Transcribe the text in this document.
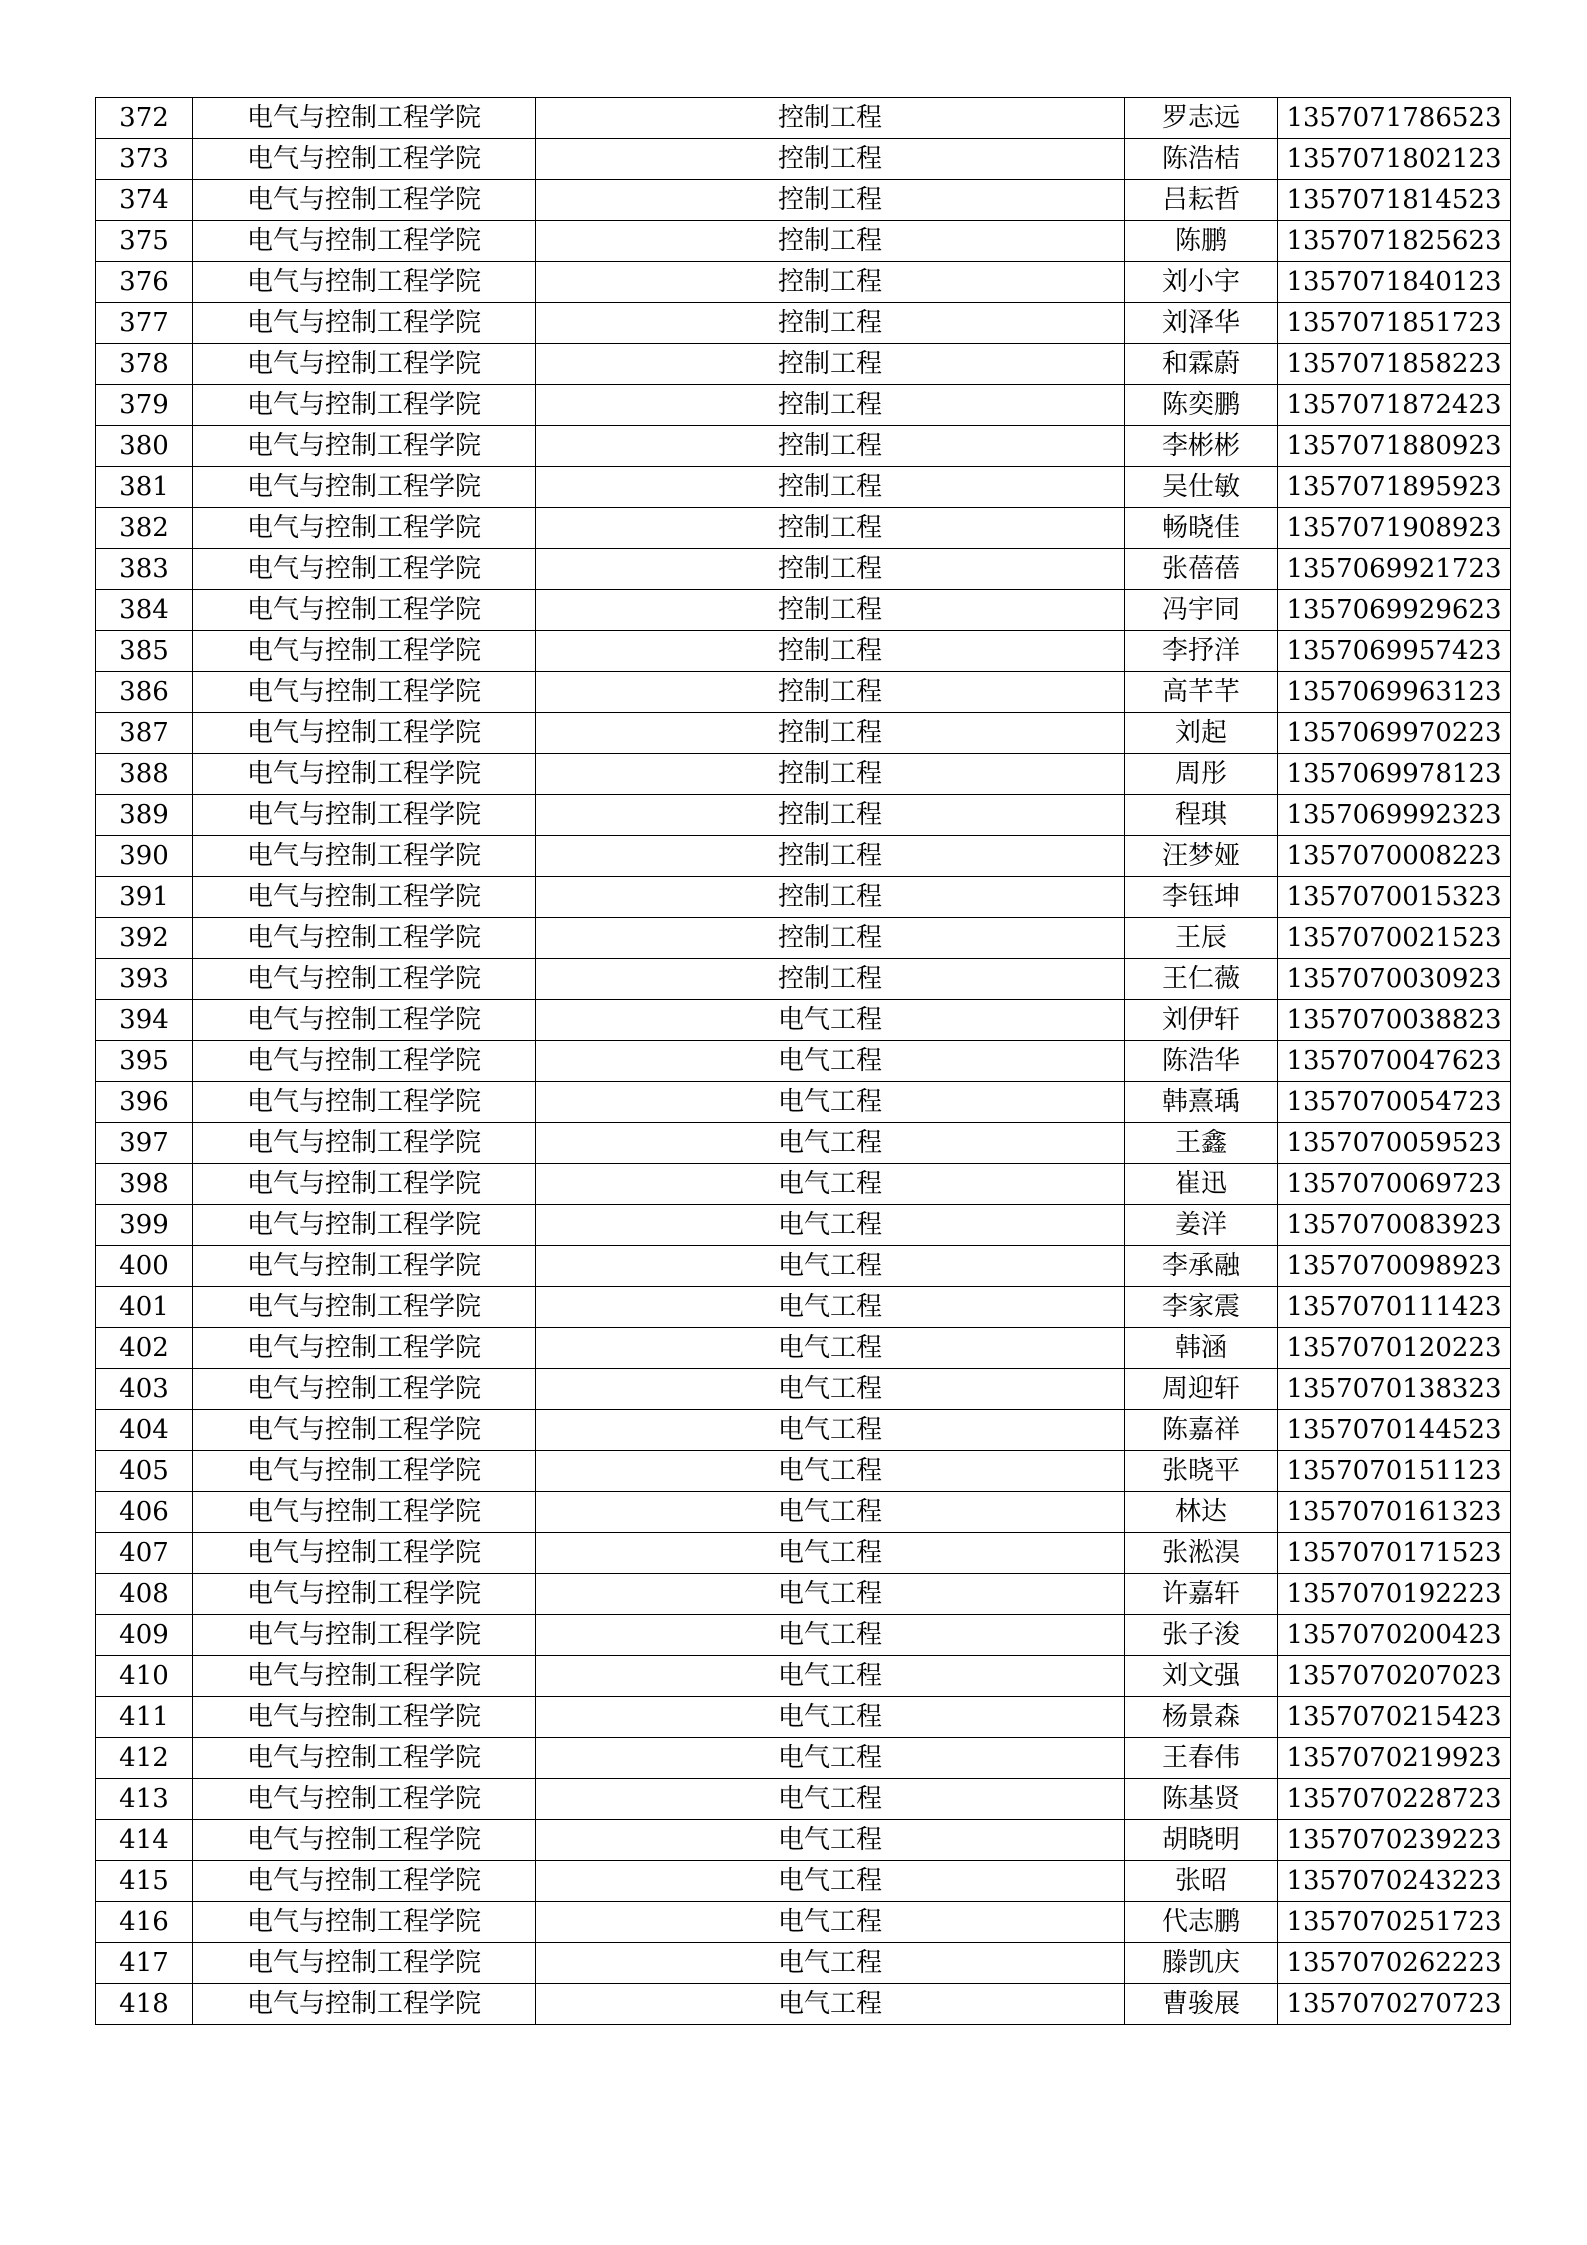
372	电气与控制工程学院	控制工程	罗志远	1357071786523
373	电气与控制工程学院	控制工程	陈浩桔	1357071802123
374	电气与控制工程学院	控制工程	吕耘哲	1357071814523
375	电气与控制工程学院	控制工程	陈鹏	1357071825623
376	电气与控制工程学院	控制工程	刘小宇	1357071840123
377	电气与控制工程学院	控制工程	刘泽华	1357071851723
378	电气与控制工程学院	控制工程	和霖蔚	1357071858223
379	电气与控制工程学院	控制工程	陈奕鹏	1357071872423
380	电气与控制工程学院	控制工程	李彬彬	1357071880923
381	电气与控制工程学院	控制工程	吴仕敏	1357071895923
382	电气与控制工程学院	控制工程	畅晓佳	1357071908923
383	电气与控制工程学院	控制工程	张蓓蓓	1357069921723
384	电气与控制工程学院	控制工程	冯宇同	1357069929623
385	电气与控制工程学院	控制工程	李抒洋	1357069957423
386	电气与控制工程学院	控制工程	高芊芊	1357069963123
387	电气与控制工程学院	控制工程	刘起	1357069970223
388	电气与控制工程学院	控制工程	周彤	1357069978123
389	电气与控制工程学院	控制工程	程琪	1357069992323
390	电气与控制工程学院	控制工程	汪梦娅	1357070008223
391	电气与控制工程学院	控制工程	李钰坤	1357070015323
392	电气与控制工程学院	控制工程	王辰	1357070021523
393	电气与控制工程学院	控制工程	王仁薇	1357070030923
394	电气与控制工程学院	电气工程	刘伊轩	1357070038823
395	电气与控制工程学院	电气工程	陈浩华	1357070047623
396	电气与控制工程学院	电气工程	韩熹瑀	1357070054723
397	电气与控制工程学院	电气工程	王鑫	1357070059523
398	电气与控制工程学院	电气工程	崔迅	1357070069723
399	电气与控制工程学院	电气工程	姜洋	1357070083923
400	电气与控制工程学院	电气工程	李承融	1357070098923
401	电气与控制工程学院	电气工程	李家震	1357070111423
402	电气与控制工程学院	电气工程	韩涵	1357070120223
403	电气与控制工程学院	电气工程	周迎轩	1357070138323
404	电气与控制工程学院	电气工程	陈嘉祥	1357070144523
405	电气与控制工程学院	电气工程	张晓平	1357070151123
406	电气与控制工程学院	电气工程	林达	1357070161323
407	电气与控制工程学院	电气工程	张淞淏	1357070171523
408	电气与控制工程学院	电气工程	许嘉轩	1357070192223
409	电气与控制工程学院	电气工程	张子浚	1357070200423
410	电气与控制工程学院	电气工程	刘文强	1357070207023
411	电气与控制工程学院	电气工程	杨景森	1357070215423
412	电气与控制工程学院	电气工程	王春伟	1357070219923
413	电气与控制工程学院	电气工程	陈基贤	1357070228723
414	电气与控制工程学院	电气工程	胡晓明	1357070239223
415	电气与控制工程学院	电气工程	张昭	1357070243223
416	电气与控制工程学院	电气工程	代志鹏	1357070251723
417	电气与控制工程学院	电气工程	滕凯庆	1357070262223
418	电气与控制工程学院	电气工程	曹骏展	1357070270723
